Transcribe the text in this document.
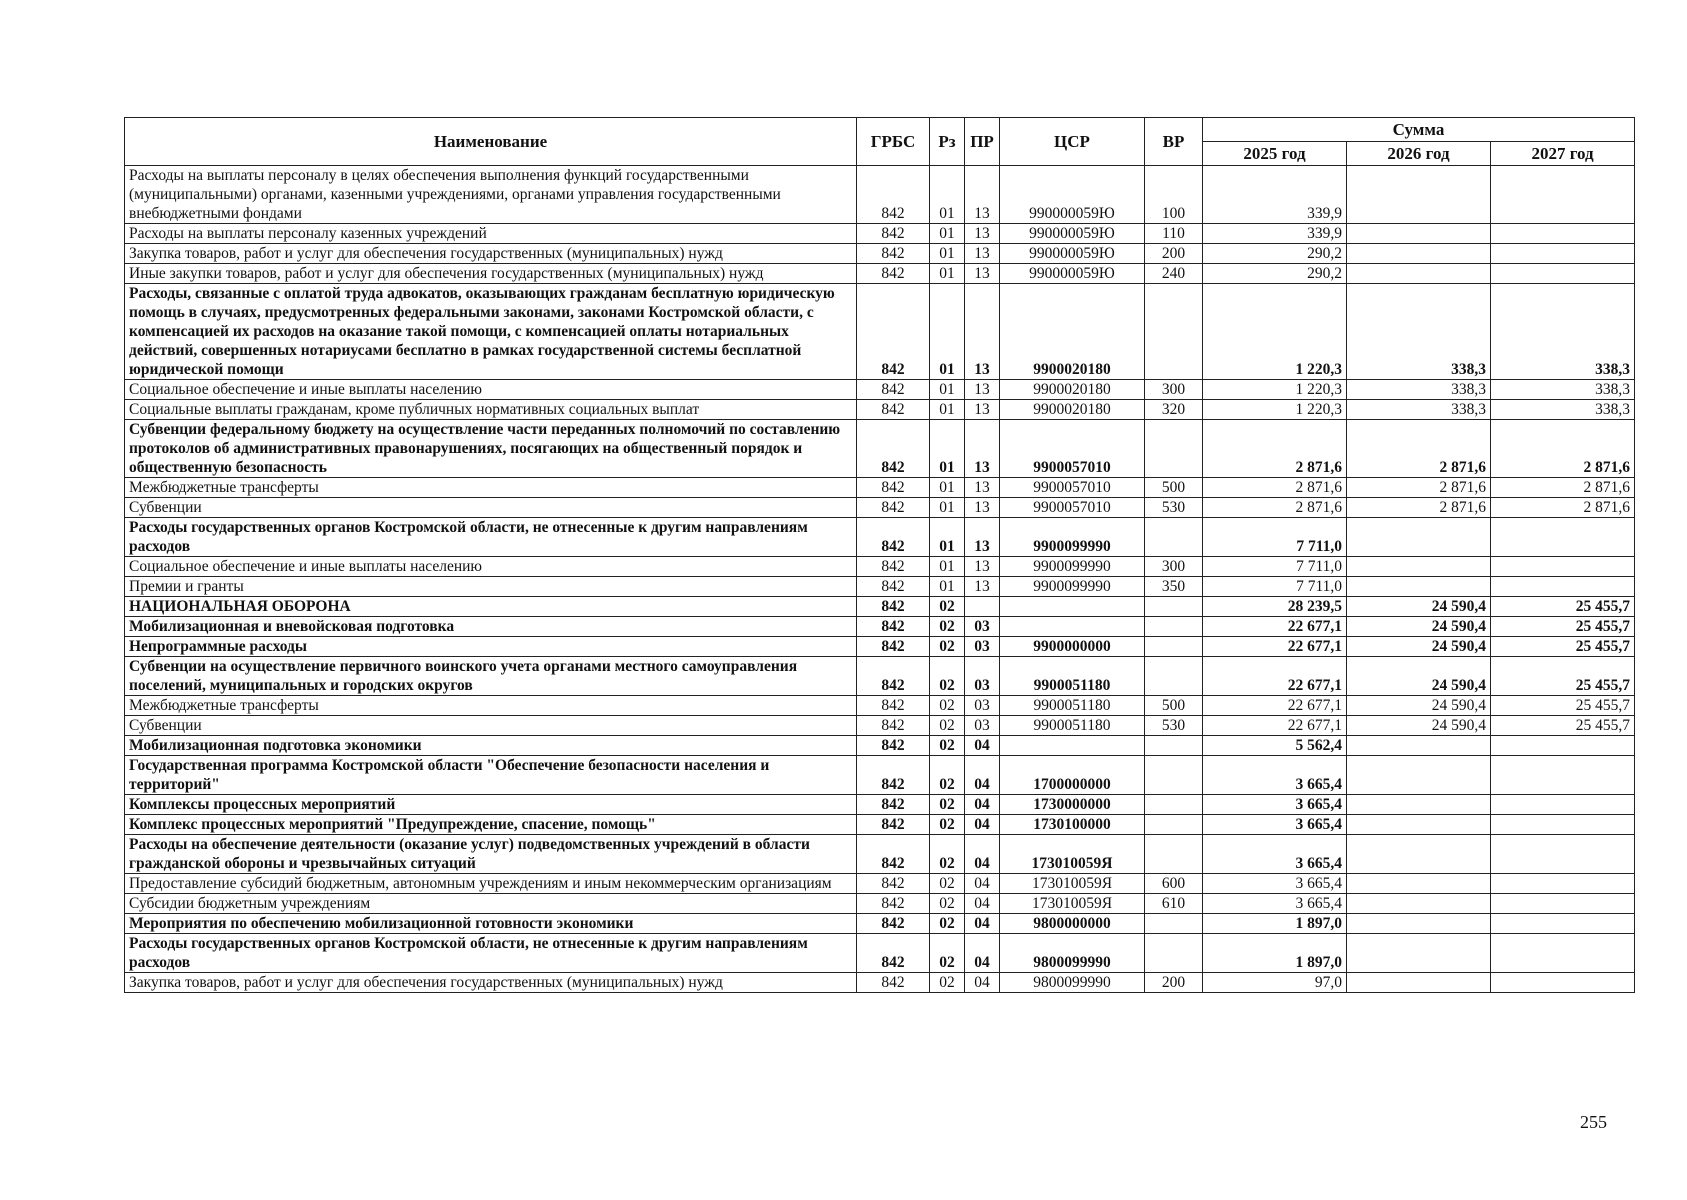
Наименование	ГРБС	Рз	ПР	ЦСР	ВР	Сумма		
						2025 год	2026 год	2027 год
Расходы на выплаты персоналу в целях обеспечения выполнения функций государственными (муниципальными) органами, казенными учреждениями, органами управления государственными внебюджетными фондами	842	01	13	990000059Ю	100	339,9		
Расходы на выплаты персоналу казенных учреждений	842	01	13	990000059Ю	110	339,9		
Закупка товаров, работ и услуг для обеспечения государственных (муниципальных) нужд	842	01	13	990000059Ю	200	290,2		
Иные закупки товаров, работ и услуг для обеспечения государственных (муниципальных) нужд	842	01	13	990000059Ю	240	290,2		
Расходы, связанные с оплатой труда адвокатов, оказывающих гражданам бесплатную юридическую помощь в случаях, предусмотренных федеральными законами, законами Костромской области, с компенсацией их расходов на оказание такой помощи, с компенсацией оплаты нотариальных действий, совершенных нотариусами бесплатно в рамках государственной системы бесплатной юридической помощи	842	01	13	9900020180		1 220,3	338,3	338,3
Социальное обеспечение и иные выплаты населению	842	01	13	9900020180	300	1 220,3	338,3	338,3
Социальные выплаты гражданам, кроме публичных нормативных социальных выплат	842	01	13	9900020180	320	1 220,3	338,3	338,3
Субвенции федеральному бюджету на осуществление части переданных полномочий по составлению протоколов об административных правонарушениях, посягающих на общественный порядок и общественную безопасность	842	01	13	9900057010		2 871,6	2 871,6	2 871,6
Межбюджетные трансферты	842	01	13	9900057010	500	2 871,6	2 871,6	2 871,6
Субвенции	842	01	13	9900057010	530	2 871,6	2 871,6	2 871,6
Расходы государственных органов Костромской области, не отнесенные к другим направлениям расходов	842	01	13	9900099990		7 711,0		
Социальное обеспечение и иные выплаты населению	842	01	13	9900099990	300	7 711,0		
Премии и гранты	842	01	13	9900099990	350	7 711,0		
НАЦИОНАЛЬНАЯ ОБОРОНА	842	02				28 239,5	24 590,4	25 455,7
Мобилизационная и вневойсковая подготовка	842	02	03			22 677,1	24 590,4	25 455,7
Непрограммные расходы	842	02	03	9900000000		22 677,1	24 590,4	25 455,7
Субвенции на осуществление первичного воинского учета органами местного самоуправления поселений, муниципальных и городских округов	842	02	03	9900051180		22 677,1	24 590,4	25 455,7
Межбюджетные трансферты	842	02	03	9900051180	500	22 677,1	24 590,4	25 455,7
Субвенции	842	02	03	9900051180	530	22 677,1	24 590,4	25 455,7
Мобилизационная подготовка экономики	842	02	04			5 562,4		
Государственная программа Костромской области "Обеспечение безопасности населения и территорий"	842	02	04	1700000000		3 665,4		
Комплексы процессных мероприятий	842	02	04	1730000000		3 665,4		
Комплекс процессных мероприятий "Предупреждение, спасение, помощь"	842	02	04	1730100000		3 665,4		
Расходы на обеспечение деятельности (оказание услуг) подведомственных учреждений в области гражданской обороны и чрезвычайных ситуаций	842	02	04	173010059Я		3 665,4		
Предоставление субсидий бюджетным, автономным учреждениям и иным некоммерческим организациям	842	02	04	173010059Я	600	3 665,4		
Субсидии бюджетным учреждениям	842	02	04	173010059Я	610	3 665,4		
Мероприятия по обеспечению мобилизационной готовности экономики	842	02	04	9800000000		1 897,0		
Расходы государственных органов Костромской области, не отнесенные к другим направлениям расходов	842	02	04	9800099990		1 897,0		
Закупка товаров, работ и услуг для обеспечения государственных (муниципальных) нужд	842	02	04	9800099990	200	97,0		
255
